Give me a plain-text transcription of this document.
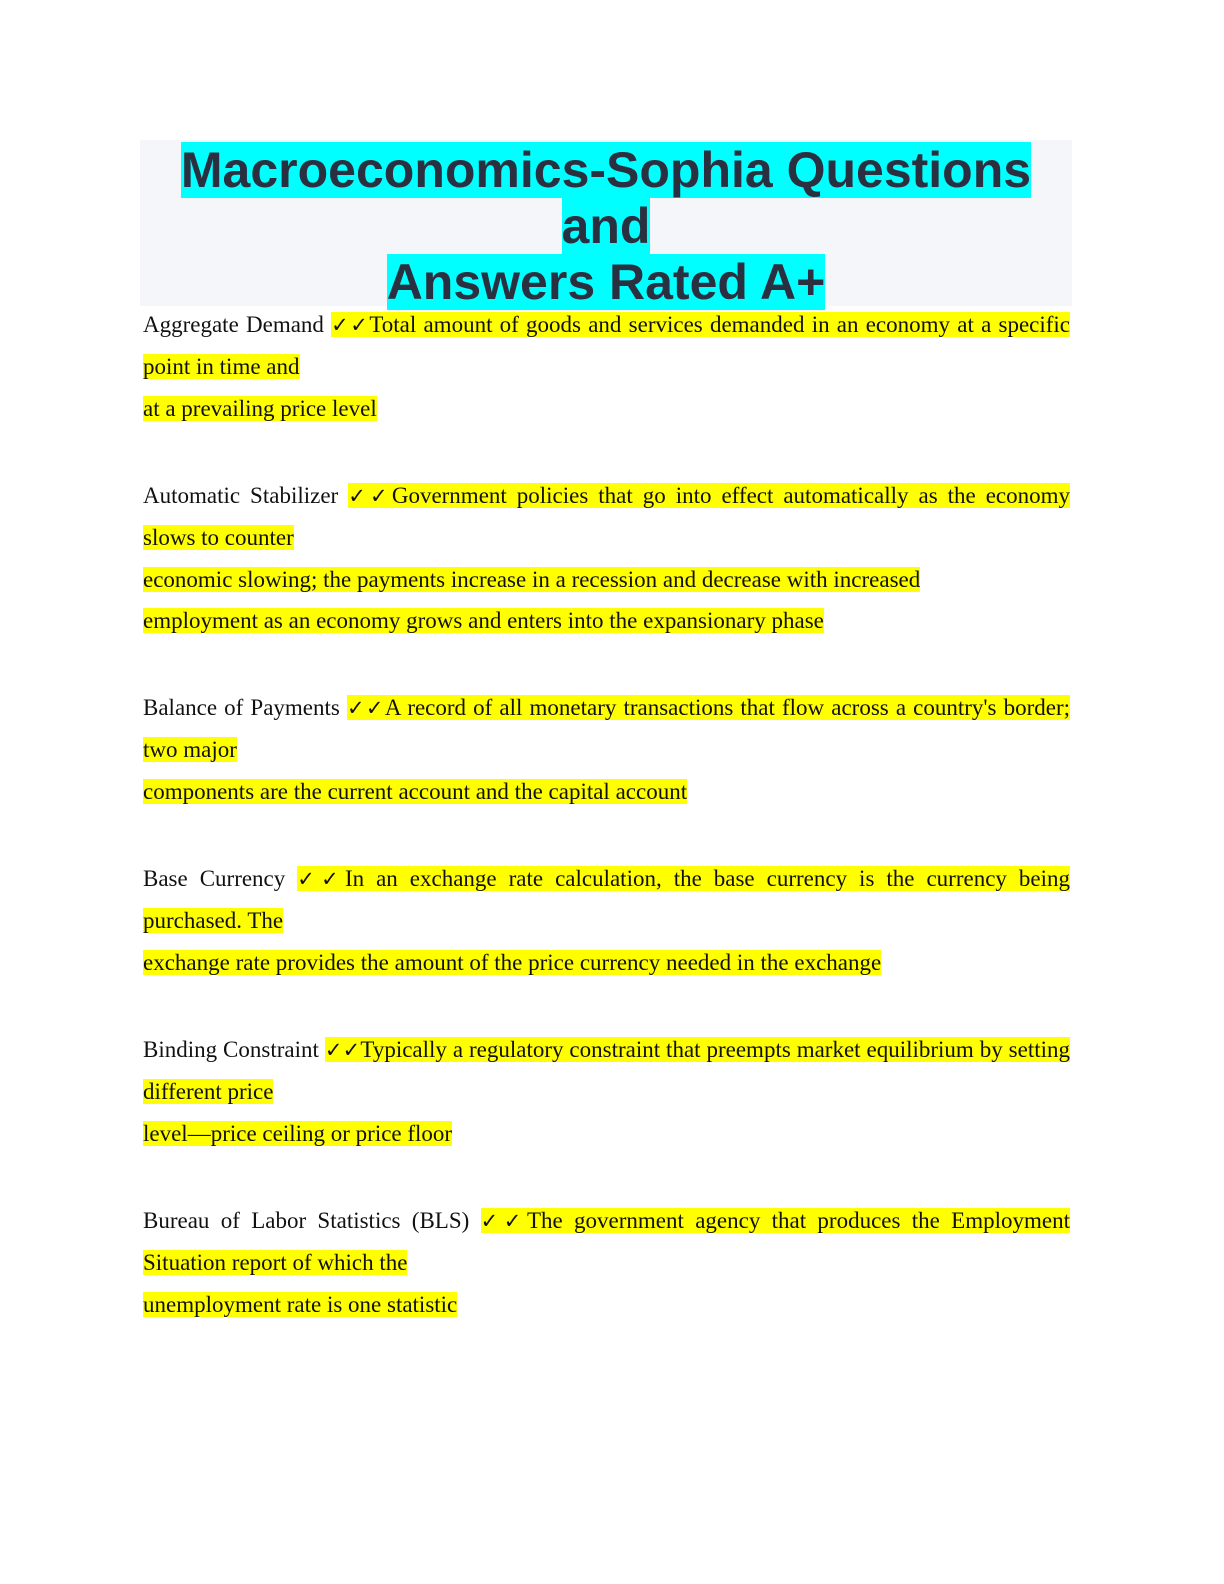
Macroeconomics-Sophia Questions and
Answers Rated A+
Aggregate Demand ✓✓Total amount of goods and services demanded in an economy at a specific point in time and
at a prevailing price level
Automatic Stabilizer ✓✓Government policies that go into effect automatically as the economy slows to counter
economic slowing; the payments increase in a recession and decrease with increased
employment as an economy grows and enters into the expansionary phase
Balance of Payments ✓✓A record of all monetary transactions that flow across a country's border; two major
components are the current account and the capital account
Base Currency ✓✓In an exchange rate calculation, the base currency is the currency being purchased. The
exchange rate provides the amount of the price currency needed in the exchange
Binding Constraint ✓✓Typically a regulatory constraint that preempts market equilibrium by setting different price
level—price ceiling or price floor
Bureau of Labor Statistics (BLS) ✓✓The government agency that produces the Employment Situation report of which the
unemployment rate is one statistic
